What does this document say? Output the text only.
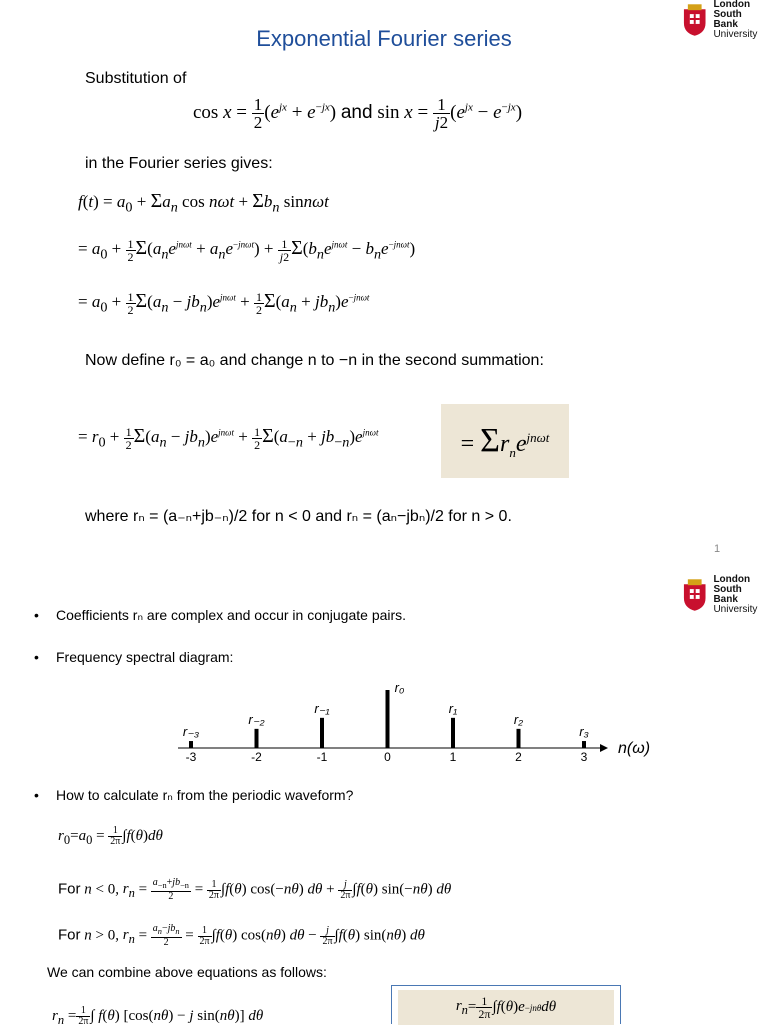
London
South Bank
University
Exponential Fourier series
Substitution of
$\cos x = \frac{1}{2} (e^{jx} + e^{-jx})$ and $\sin x = \frac{1}{j2} (e^{jx} - e^{-jx})$
in the Fourier series gives:
$f(t) = a_0 + \Sigma a_n$ $\cos n\omega t + \Sigma b_n$ sinnωt
= $a_0 + \frac{1}{2} \Sigma(a_ne^{jn\omega t} + a_ne^{-jn\omega t}) + \frac{1}{j2} \Sigma(b_ne^{jn\omega t} - b_ne^{-jn\omega t})$
= $a_0 + \frac{1}{2} \Sigma(a_n - jb_n)e^{jn\omega t} + \frac{1}{2} \Sigma(a_n + jb_n)e^{-jn\omega t}$
Now define r₀ = a₀ and change n to −n in the second summation:
= $r_0 + \frac{1}{2} \Sigma(a_n - jb_n)e^{jn\omega t} + \frac{1}{2} \Sigma(a_{-n} + jb_{-n})e^{jn\omega t}$	= $\Sigma r_ne^{jn\omega t}$
where rₙ = (a₋ₙ+jb₋ₙ)/2 for n < 0 and rₙ = (aₙ−jbₙ)/2 for n > 0.
1
London
South Bank
University
• Coefficients rₙ are complex and occur in conjugate pairs.
• Frequency spectral diagram:
n(ω)
-3
r₋₃
-2
r₋₂
-1
r₋₁
0
r₀
1
r₁
2
r₂
3
r₃
• How to calculate rₙ from the periodic waveform?
$r_0=a_0 = \frac{1}{2\pi} \int f(\theta)d\theta$
For n < 0, $r_n = \frac{a_{-n}+jb_{-n}}{2} = \frac{1}{2\pi} \int f(\theta)$ cos(−nθ) $d\theta + \frac{j}{2\pi} \int f(\theta)$ sin(−nθ) dθ
For n > 0, $r_n = \frac{a_n-jb_n}{2} = \frac{1}{2\pi} \int f(\theta)$ cos(nθ) $d\theta - \frac{j}{2\pi} \int f(\theta)$ sin(nθ) dθ
We can combine above equations as follows:
$r_n = \frac{1}{2\pi}$ ∫ f(θ) [cos(nθ) − j sin(nθ)] dθ
$r_n = \frac{1}{2\pi}$ ∫ f ( θ ) e −jnθ dθ
